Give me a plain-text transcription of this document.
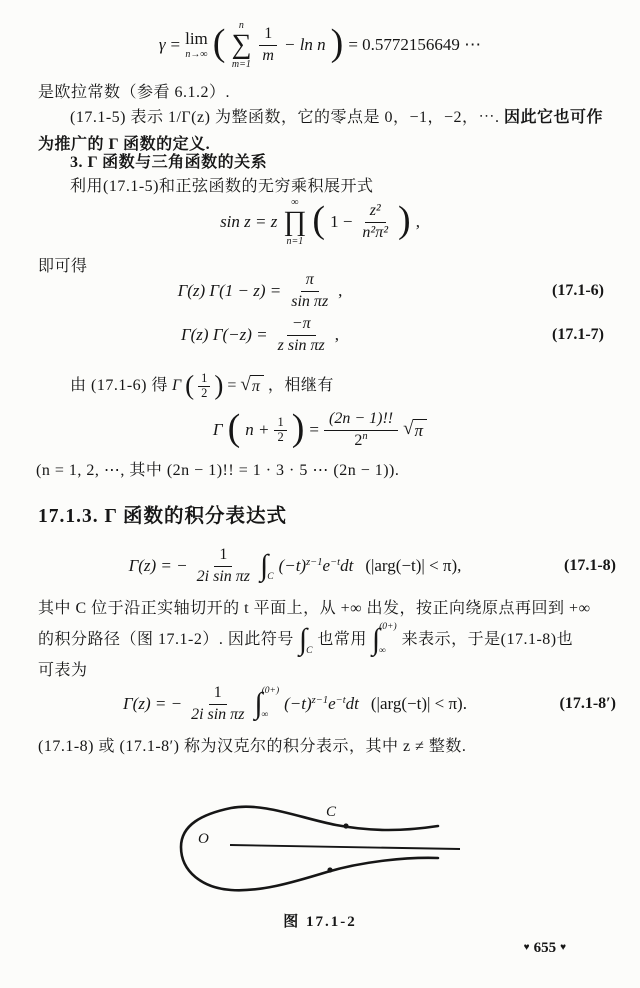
γ = lim
n→∞ ( n
∑
$m=1 \frac{1}{m} - \ln n$ ) = 0.5772156649 ⋯
是欧拉常数（参看 6.1.2）.
(17.1-5) 表示 1/Γ(z) 为整函数，它的零点是 0，−1，−2，⋯. 因此它也可作为推广的 Γ 函数的定义.
3. Γ 函数与三角函数的关系
利用(17.1-5)和正弦函数的无穷乘积展开式
sin z = z
∞
∏
n=1
( $1 - \frac{\text{z²}}{\text{n²π²}}$ ) ,
即可得
Γ(z) $\Gamma(1 - z) = \frac{\pi}{\text{sin πz}}$ ,	(17.1-6)
Γ(z) $\Gamma(-z) = \frac{-\pi}{\text{z sin πz}}$ ,	(17.1-7)
由 (17.1-6) 得 Γ ( $\frac{1}{2}$ ) = √ π ，相继有
Γ ( $n + \frac{1}{2}$ ) = $\frac{(2n - 1)!!}{2^n}$ √ π
(n = 1, 2, ⋯, 其中 (2n − 1)!! = 1 · 3 · 5 ⋯ (2n − 1)).
17.1.3. Γ 函数的积分表达式
Γ(z) = − $\frac{1}{\text{2i sin πz}}$ ∫ C
$(-t)^{z-1}e^{-t}dt$ (|arg(−t)| < π),	(17.1-8)
其中 C 位于沿正实轴切开的 t 平面上，从 +∞ 出发，按正向绕原点再回到 +∞
的积分路径（图 17.1-2）. 因此符号 ∫ C
也常用 ∫ (0+)
∞
来表示，于是(17.1-8)也
可表为
Γ(z) = − $\frac{1}{\text{2i sin πz}}$ ∫ (0+)
∞
$(-t)^{z-1}e^{-t}dt$ (|arg(−t)| < π).	(17.1-8′)
(17.1-8) 或 (17.1-8′) 称为汉克尔的积分表示，其中 z ≠ 整数.
O
C
图 17.1-2
♥ 655 ♥
